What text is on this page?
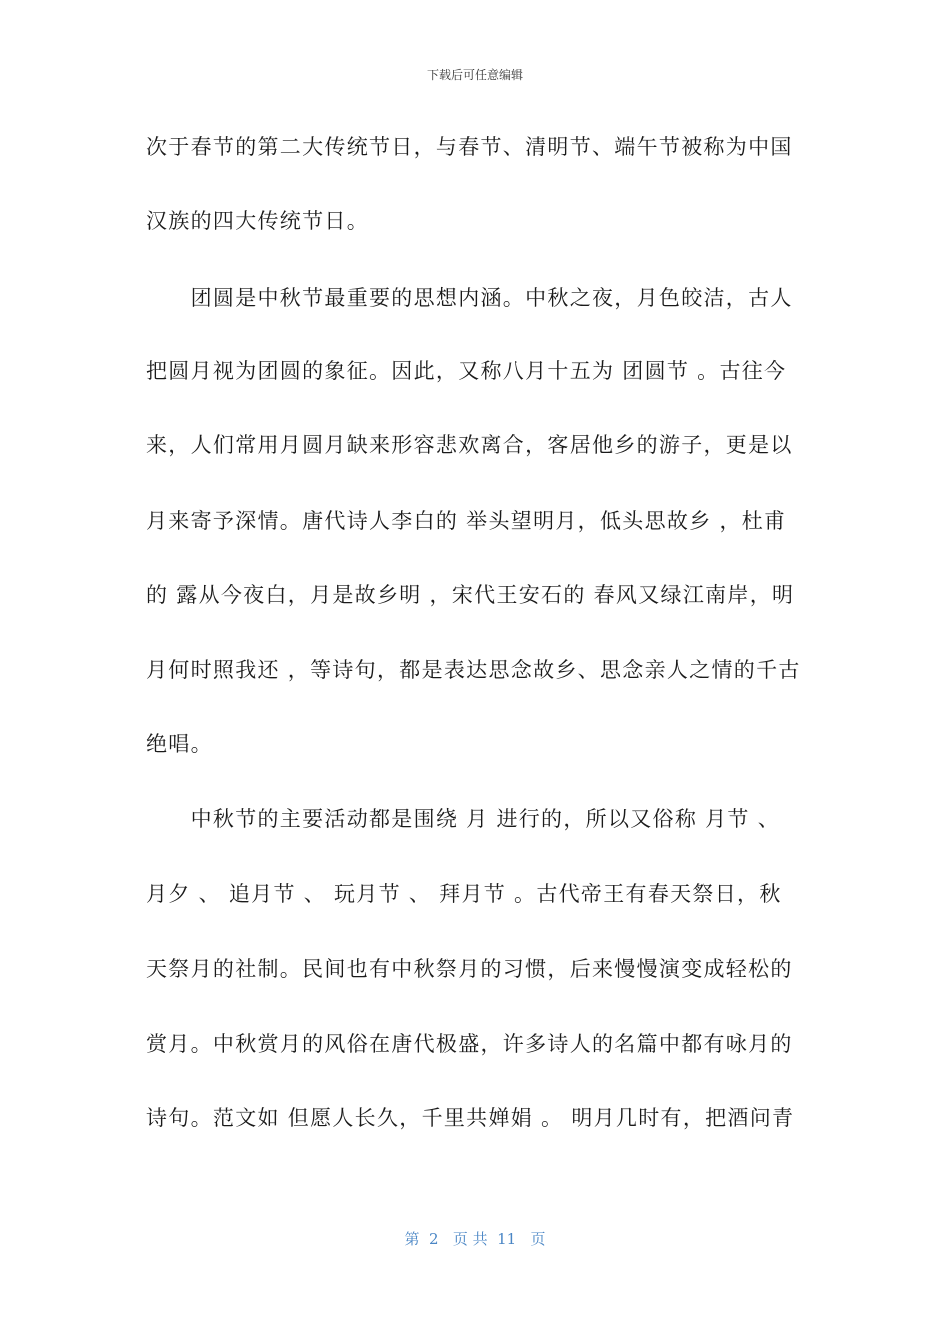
下载后可任意编辑
次于春节的第二大传统节日，与春节、清明节、端午节被称为中国
汉族的四大传统节日。
　　团圆是中秋节最重要的思想内涵。中秋之夜，月色皎洁，古人
把圆月视为团圆的象征。因此，又称八月十五为 团圆节 。古往今
来，人们常用月圆月缺来形容悲欢离合，客居他乡的游子，更是以
月来寄予深情。唐代诗人李白的 举头望明月，低头思故乡 ，杜甫
的 露从今夜白，月是故乡明 ，宋代王安石的 春风又绿江南岸，明
月何时照我还 ，等诗句，都是表达思念故乡、思念亲人之情的千古
绝唱。
　　中秋节的主要活动都是围绕 月 进行的，所以又俗称 月节 、
月夕 、 追月节 、 玩月节 、 拜月节 。古代帝王有春天祭日，秋
天祭月的社制。民间也有中秋祭月的习惯，后来慢慢演变成轻松的
赏月。中秋赏月的风俗在唐代极盛，许多诗人的名篇中都有咏月的
诗句。范文如 但愿人长久，千里共婵娟 。 明月几时有，把酒问青
第  2   页 共  11   页
